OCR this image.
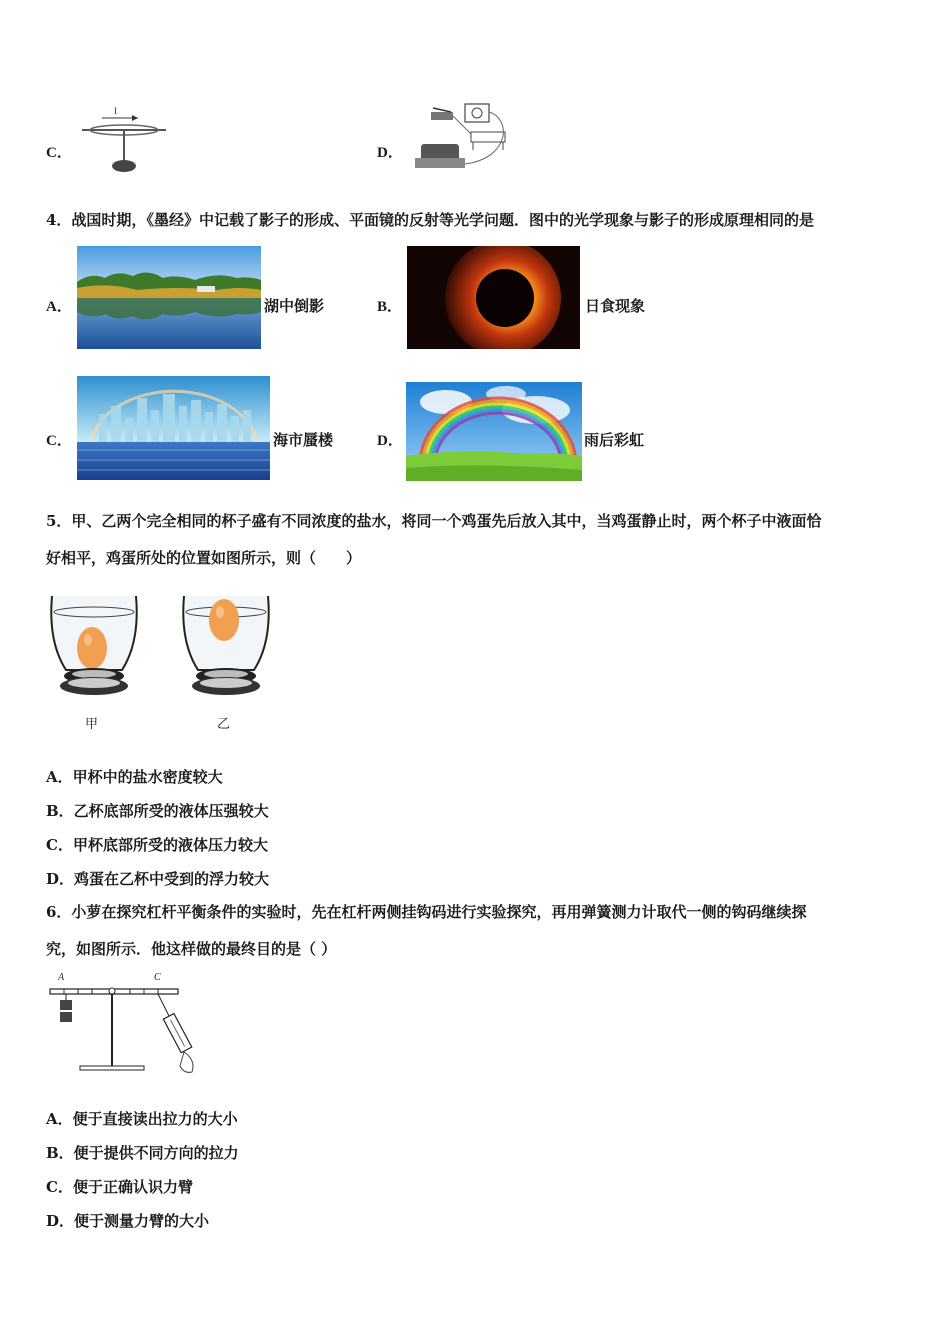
C．
I
D．
4．战国时期，《墨经》中记载了影子的形成、平面镜的反射等光学问题．图中的光学现象与影子的形成原理相同的是
A．	湖中倒影	B．	日食现象
C．	海市蜃楼	D．	雨后彩虹
5．甲、乙两个完全相同的杯子盛有不同浓度的盐水，将同一个鸡蛋先后放入其中，当鸡蛋静止时，两个杯子中液面恰
好相平，鸡蛋所处的位置如图所示，则（　　）
甲	乙
A．甲杯中的盐水密度较大
B．乙杯底部所受的液体压强较大
C．甲杯底部所受的液体压力较大
D．鸡蛋在乙杯中受到的浮力较大
6．小萝在探究杠杆平衡条件的实验时，先在杠杆两侧挂钩码进行实验探究，再用弹簧测力计取代一侧的钩码继续探
究，如图所示．他这样做的最终目的是（ ）
A	C
A．便于直接读出拉力的大小
B．便于提供不同方向的拉力
C．便于正确认识力臂
D．便于测量力臂的大小
